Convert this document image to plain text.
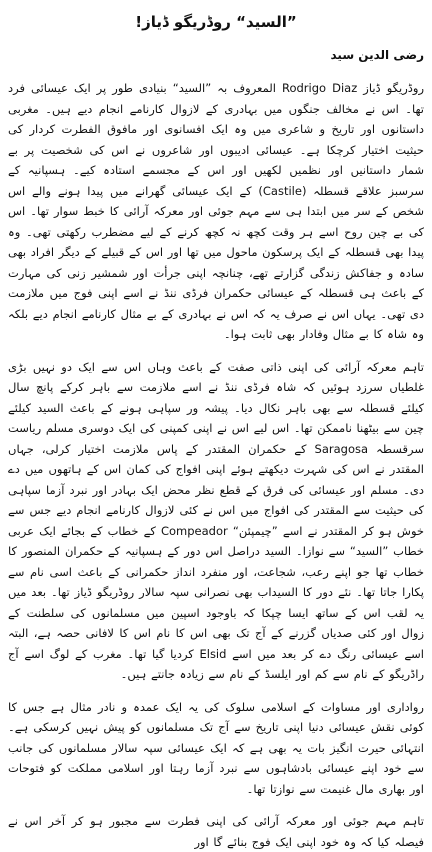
”السید“ روڈریگو ڈیاز!
رضی الدین سید

روڈریگو ڈیاز Rodrigo Diaz المعروف بہ ”السید“ بنیادی طور پر ایک عیسائی فرد تھا۔ اس نے مخالف جنگوں میں بہادری کے لازوال کارنامے انجام دیے ہیں۔ مغربی داستانوں اور تاریخ و شاعری میں وہ ایک افسانوی اور مافوق الفطرت کردار کی حیثیت اختیار کرچکا ہے۔ عیسائی ادیبوں اور شاعروں نے اس کی شخصیت پر بے شمار داستانیں اور نظمیں لکھیں اور اس کے مجسمے استادہ کیے۔ ہسپانیہ کے سرسبز علاقے قسطلہ (Castile) کے ایک عیسائی گھرانے میں پیدا ہونے والے اس شخص کے سر میں ابتدا ہی سے مہم جوئی اور معرکہ آرائی کا خبط سوار تھا۔ اس کی بے چین روح اسے ہر وقت کچھ نہ کچھ کرنے کے لیے مضطرب رکھتی تھی۔ وہ پیدا بھی قسطلہ کے ایک پرسکون ماحول میں تھا اور اس کے قبیلے کے دیگر افراد بھی سادہ و جفاکش زندگی گزارتے تھے، چنانچہ اپنی جرأت اور شمشیر زنی کی مہارت کے باعث ہی قسطلہ کے عیسائی حکمران فرڈی ننڈ نے اسے اپنی فوج میں ملازمت دی تھی۔ یہاں اس نے صرف یہ کہ اس نے بہادری کے بے مثال کارنامے انجام دیے بلکہ وہ شاہ کا بے مثال وفادار بھی ثابت ہوا۔

تاہم معرکہ آرائی کی اپنی ذاتی صفت کے باعث وہاں اس سے ایک دو نہیں بڑی غلطیاں سرزد ہوئیں کہ شاہ فرڈی ننڈ نے اسے ملازمت سے باہر کرکے پانچ سال کیلئے قسطلہ سے بھی باہر نکال دیا۔ پیشہ ور سپاہی ہونے کے باعث السید کیلئے چین سے بیٹھنا ناممکن تھا۔ اس لیے اس نے اپنی کمپنی کی ایک دوسری مسلم ریاست سرقسطہ Saragosa کے حکمران المقتدر کے پاس ملازمت اختیار کرلی، جہاں المقتدر نے اس کی شہرت دیکھتے ہوئے اپنی افواج کی کمان اس کے ہاتھوں میں دے دی۔ مسلم اور عیسائی کی فرق کے قطع نظر محض ایک بہادر اور نبرد آزما سپاہی کی حیثیت سے المقتدر کی افواج میں اس نے کئی لازوال کارنامے انجام دیے جس سے خوش ہو کر المقتدر نے اسے ”چیمپئن“ Compeador کے خطاب کے بجائے ایک عربی خطاب ”السید“ سے نوازا۔ السید دراصل اس دور کے ہسپانیہ کے حکمران المنصور کا خطاب تھا جو اپنے رعب، شجاعت، اور منفرد انداز حکمرانی کے باعث اسی نام سے پکارا جاتا تھا۔ نئے دور کا السیداب بھی نصرانی سپہ سالار روڈریگو ڈیاز تھا۔ بعد میں یہ لقب اس کے ساتھ ایسا چپکا کہ باوجود اسپین میں مسلمانوں کی سلطنت کے زوال اور کئی صدیاں گزرنے کے آج تک بھی اس کا نام اس کا لافانی حصہ ہے، البتہ اسے عیسائی رنگ دے کر بعد میں اسے Elsid کردیا گیا تھا۔ مغرب کے لوگ اسے آج راڈریگو کے نام سے کم اور ایلسڈ کے نام سے زیادہ جانتے ہیں۔

رواداری اور مساوات کے اسلامی سلوک کی یہ ایک عمدہ و نادر مثال ہے جس کا کوئی نقش عیسائی دنیا اپنی تاریخ سے آج تک مسلمانوں کو پیش نہیں کرسکی ہے۔ انتہائی حیرت انگیز بات یہ بھی ہے کہ ایک عیسائی سپہ سالار مسلمانوں کی جانب سے خود اپنے عیسائی بادشاہوں سے نبرد آزما رہتا اور اسلامی مملکت کو فتوحات اور بھاری مال غنیمت سے نوازتا تھا۔

تاہم مہم جوئی اور معرکہ آرائی کی اپنی فطرت سے مجبور ہو کر آخر اس نے فیصلہ کیا کہ وہ خود اپنی ایک فوج بنائے گا اور
